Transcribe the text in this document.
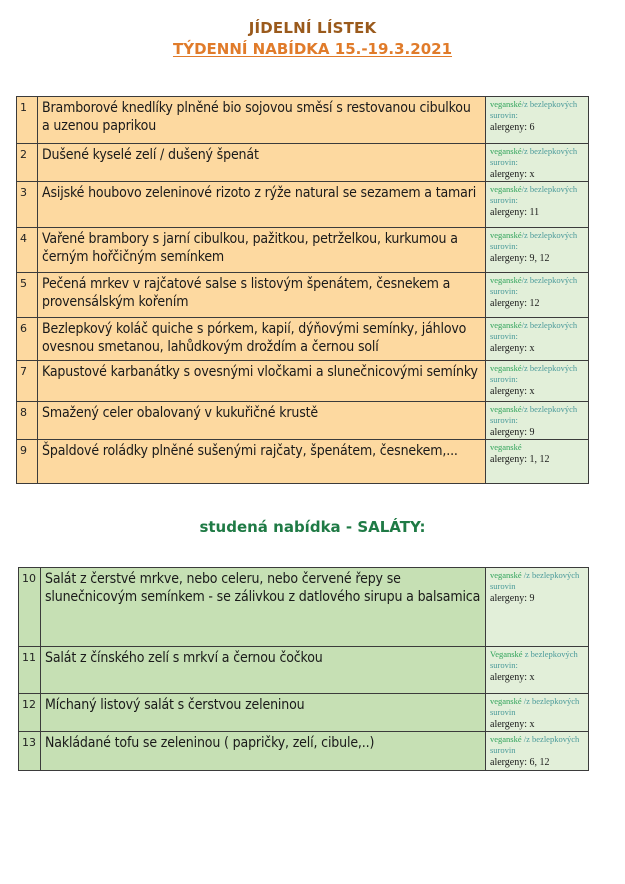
JÍDELNÍ LÍSTEK
TÝDENNÍ NABÍDKA 15.-19.3.2021
1	Bramborové knedlíky plněné bio sojovou směsí s restovanou cibulkou a uzenou paprikou	veganské/z bezlepkových surovin:
alergeny: 6

2	Dušené kyselé zelí / dušený špenát	veganské/z bezlepkových surovin:
alergeny: x

3	Asijské houbovo zeleninové rizoto z rýže natural se sezamem a tamari	veganské/z bezlepkových surovin:
alergeny: 11

4	Vařené brambory s jarní cibulkou, pažitkou, petrželkou, kurkumou a černým hořčičným semínkem	veganské/z bezlepkových surovin:
alergeny: 9, 12

5	Pečená mrkev v rajčatové salse s listovým špenátem, česnekem a provensálským kořením	veganské/z bezlepkových surovin:
alergeny: 12

6	Bezlepkový koláč quiche s pórkem, kapií, dýňovými semínky, jáhlovo ovesnou smetanou, lahůdkovým droždím a černou solí	veganské/z bezlepkových surovin:
alergeny: x

7	Kapustové karbanátky s ovesnými vločkami a slunečnicovými semínky	veganské/z bezlepkových surovin:
alergeny: x

8	Smažený celer obalovaný v kukuřičné krustě	veganské/z bezlepkových surovin:
alergeny: 9

9	Špaldové roládky plněné sušenými rajčaty, špenátem, česnekem,...	veganské
alergeny: 1, 12
studená nabídka - SALÁTY:
10	Salát z čerstvé mrkve, nebo celeru, nebo červené řepy se slunečnicovým semínkem - se zálivkou z datlového sirupu a balsamica	veganské /z bezlepkových surovin
alergeny: 9

11	Salát z čínského zelí s mrkví a černou čočkou	Veganské z bezlepkových surovin:
alergeny: x

12	Míchaný listový salát s čerstvou zeleninou	veganské /z bezlepkových surovin
alergeny: x

13	Nakládané tofu se zeleninou ( papričky, zelí, cibule,..)	veganské /z bezlepkových surovin
alergeny: 6, 12
